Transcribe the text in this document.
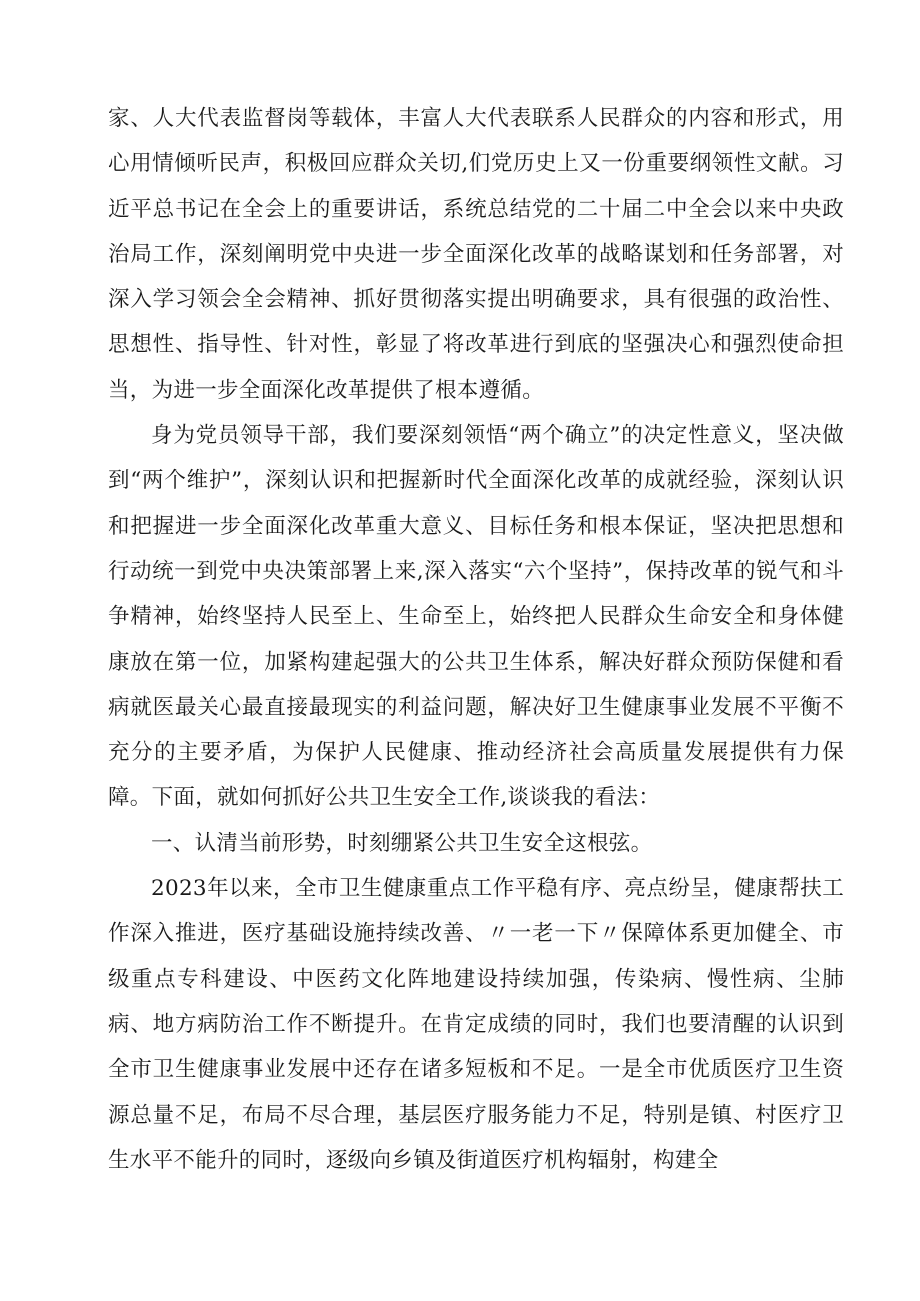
家、人大代表监督岗等载体，丰富人大代表联系人民群众的内容和形式，用心用情倾听民声，积极回应群众关切,们党历史上又一份重要纲领性文献。习近平总书记在全会上的重要讲话，系统总结党的二十届二中全会以来中央政治局工作，深刻阐明党中央进一步全面深化改革的战略谋划和任务部署，对深入学习领会全会精神、抓好贯彻落实提出明确要求，具有很强的政治性、思想性、指导性、针对性，彰显了将改革进行到底的坚强决心和强烈使命担当，为进一步全面深化改革提供了根本遵循。

身为党员领导干部，我们要深刻领悟“两个确立”的决定性意义，坚决做到“两个维护”，深刻认识和把握新时代全面深化改革的成就经验，深刻认识和把握进一步全面深化改革重大意义、目标任务和根本保证，坚决把思想和行动统一到党中央决策部署上来,深入落实“六个坚持”，保持改革的锐气和斗争精神，始终坚持人民至上、生命至上，始终把人民群众生命安全和身体健康放在第一位，加紧构建起强大的公共卫生体系，解决好群众预防保健和看病就医最关心最直接最现实的利益问题，解决好卫生健康事业发展不平衡不充分的主要矛盾，为保护人民健康、推动经济社会高质量发展提供有力保障。下面，就如何抓好公共卫生安全工作,谈谈我的看法：

一、认清当前形势，时刻绷紧公共卫生安全这根弦。

2023年以来，全市卫生健康重点工作平稳有序、亮点纷呈，健康帮扶工作深入推进，医疗基础设施持续改善、〃一老一下〃保障体系更加健全、市级重点专科建设、中医药文化阵地建设持续加强，传染病、慢性病、尘肺病、地方病防治工作不断提升。在肯定成绩的同时，我们也要清醒的认识到全市卫生健康事业发展中还存在诸多短板和不足。一是全市优质医疗卫生资源总量不足，布局不尽合理，基层医疗服务能力不足，特别是镇、村医疗卫生水平不能升的同时，逐级向乡镇及街道医疗机构辐射，构建全
